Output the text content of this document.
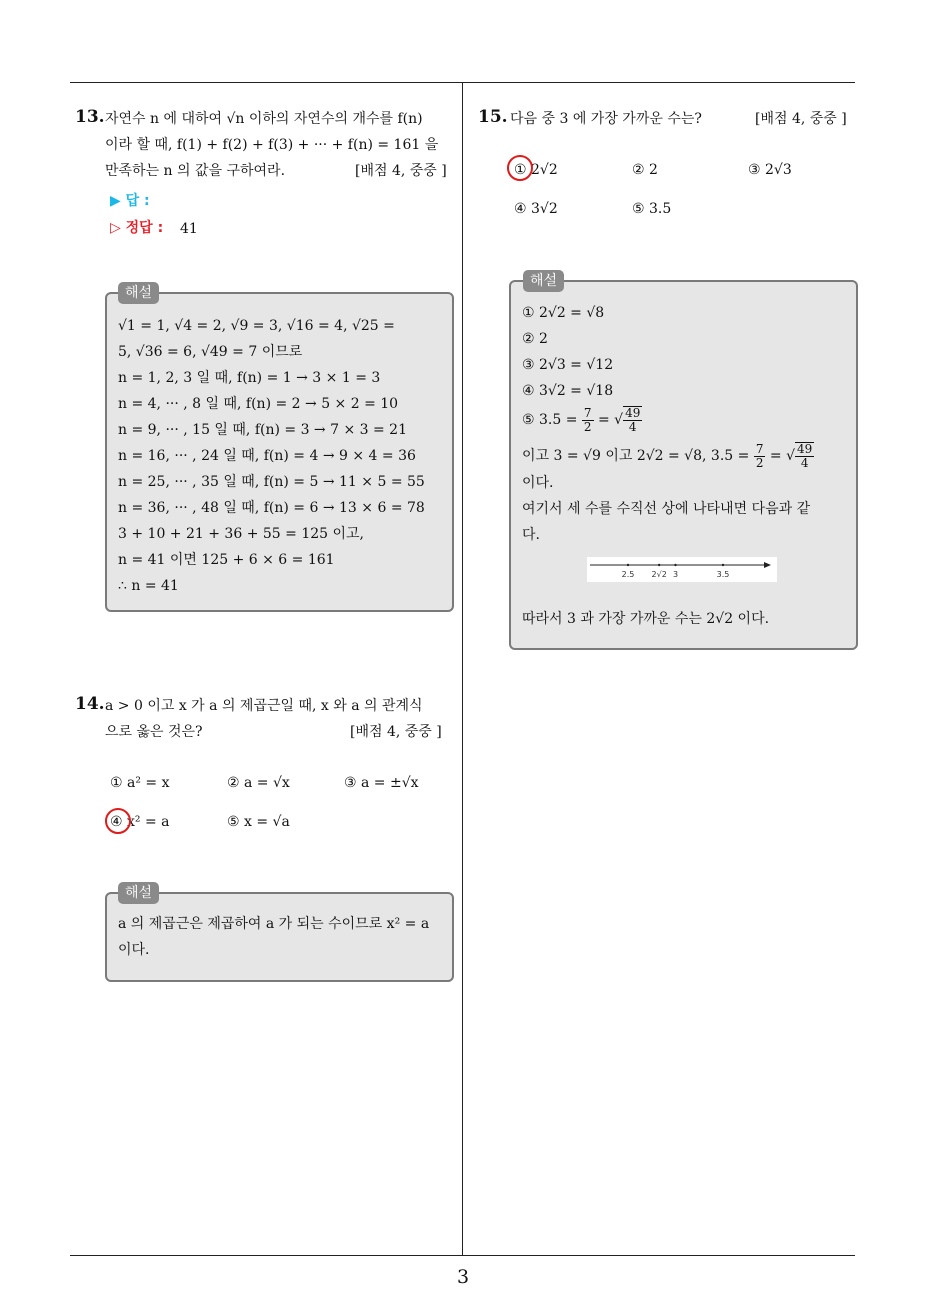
3
13. 자연수 n 에 대하여 √n 이하의 자연수의 개수를 f(n)
이라 할 때, f(1) + f(2) + f(3) + ··· + f(n) = 161 을
만족하는 n 의 값을 구하여라.	[배점 4, 중중 ]
▶ 답 :
▷ 정답 : 41
해설
√1 = 1, √4 = 2, √9 = 3, √16 = 4, √25 =
5, √36 = 6, √49 = 7 이므로
n = 1, 2, 3 일 때, f(n) = 1 → 3 × 1 = 3
n = 4, ··· , 8 일 때, f(n) = 2 → 5 × 2 = 10
n = 9, ··· , 15 일 때, f(n) = 3 → 7 × 3 = 21
n = 16, ··· , 24 일 때, f(n) = 4 → 9 × 4 = 36
n = 25, ··· , 35 일 때, f(n) = 5 → 11 × 5 = 55
n = 36, ··· , 48 일 때, f(n) = 6 → 13 × 6 = 78
3 + 10 + 21 + 36 + 55 = 125 이고,
n = 41 이면 125 + 6 × 6 = 161
∴ n = 41
14. a > 0 이고 x 가 a 의 제곱근일 때, x 와 a 의 관계식
으로 옳은 것은?	[배점 4, 중중 ]
① a² = x	② a = √x	③ a = ±√x
④ x² = a	⑤ x = √a
해설
a 의 제곱근은 제곱하여 a 가 되는 수이므로 x² = a
이다.
15. 다음 중 3 에 가장 가까운 수는?	[배점 4, 중중 ]
① 2√2	② 2	③ 2√3
④ 3√2	⑤ 3.5
해설
① 2√2 = √8
② 2
③ 2√3 = √12
④ 3√2 = √18
⑤ $3.5 = \frac{7}{2}$ = √ $\frac{49}{4}$
이고 3 = √9 이고 2√2 = √8, $3.5 = \frac{7}{2}$ = √ $\frac{49}{4}$
이다.
여기서 세 수를 수직선 상에 나타내면 다음과 같
다.
2.5 2√2 3	3.5
따라서 3 과 가장 가까운 수는 2√2 이다.
